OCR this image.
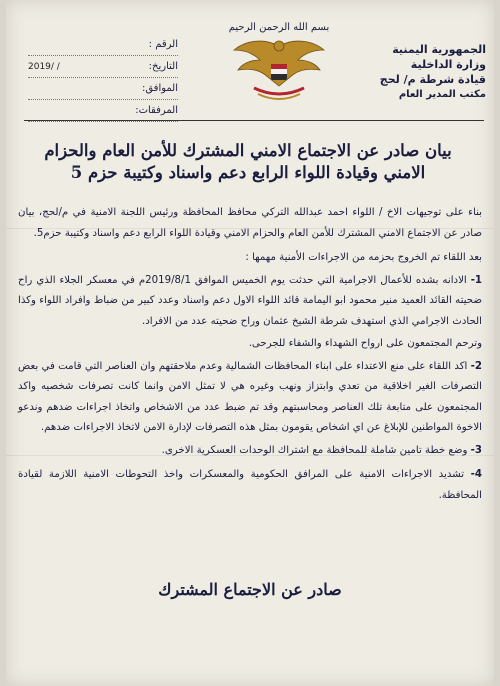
الرقم :
التاريخ:
2019/ /
الموافق:
المرفقات:
بسم الله الرحمن الرحيم
الجمهورية اليمنية
وزارة الداخلية
قيادة شرطة م/ لحج
مكتب المدير العام
بيان صادر عن الاجتماع الامني المشترك للأمن العام والحزام
الامني وقيادة اللواء الرابع دعم واسناد وكتيبة حزم 5

بناء على توجيهات الاخ / اللواء احمد عبدالله التركي محافظ المحافظة ورئيس اللجنة الامنية في م/لحج، بيان صادر عن الاجتماع الامني المشترك للأمن العام والحزام الامني وقيادة اللواء الرابع دعم واسناد وكتيبة حزم5.

بعد اللقاء تم الخروج بحزمه من الاجراءات الأمنية مهمها :

1- الادانه بشده للأعمال الاجرامية التي حدثت يوم الخميس الموافق 2019/8/1م في معسكر الجلاء الذي راح ضحيته القائد العميد منير محمود ابو اليمامة قائد اللواء الاول دعم واسناد وعدد كبير من ضباط وافراد اللواء وكذا الحادث الاجرامي الذي استهدف شرطة الشيخ عثمان وراح ضحيته عدد من الافراد.

وترحم المجتمعون على ارواح الشهداء والشفاء للجرحى.

2- اكد اللقاء على منع الاعتداء على ابناء المحافظات الشمالية وعدم ملاحقتهم وان العناصر التي قامت في بعض التصرفات الغير اخلاقية من تعدي وابتزاز ونهب وغيره هي لا تمثل الامن وانما كانت تصرفات شخصيه واكد المجتمعون على متابعة تلك العناصر ومحاسبتهم وقد تم ضبط عدد من الاشخاص واتخاذ اجراءات ضدهم وندعو الاخوة المواطنين للإبلاغ عن اي اشخاص يقومون بمثل هذه التصرفات لإدارة الامن لاتخاذ الاجراءات ضدهم.

3- وضع خطة تامين شاملة للمحافظة مع اشتراك الوحدات العسكرية الاخرى.

4- تشديد الاجراءات الامنية على المرافق الحكومية والمعسكرات واخذ التحوطات الامنية اللازمة لقيادة المحافظة.

صادر عن الاجتماع المشترك
